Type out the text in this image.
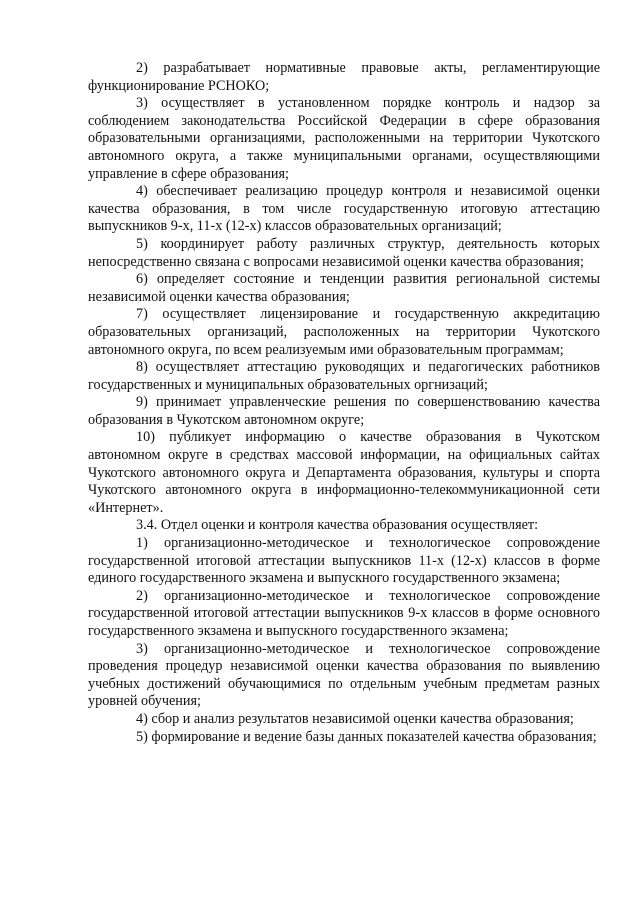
2) разрабатывает нормативные правовые акты, регламентирующие функционирование РСНОКО;

3) осуществляет в установленном порядке контроль и надзор за соблюдением законодательства Российской Федерации в сфере образования образовательными организациями, расположенными на территории Чукотского автономного округа, а также муниципальными органами, осуществляющими управление в сфере образования;

4) обеспечивает реализацию процедур контроля и независимой оценки качества образования, в том числе государственную итоговую аттестацию выпускников 9-х, 11-х (12-х) классов образовательных организаций;

5) координирует работу различных структур, деятельность которых непосредственно связана с вопросами независимой оценки качества образования;

6) определяет состояние и тенденции развития региональной системы независимой оценки качества образования;

7) осуществляет лицензирование и государственную аккредитацию образовательных организаций, расположенных на территории Чукотского автономного округа, по всем реализуемым ими образовательным программам;

8) осуществляет аттестацию руководящих и педагогических работников государственных и муниципальных образовательных оргнизаций;

9) принимает управленческие решения по совершенствованию качества образования в Чукотском автономном округе;

10) публикует информацию о качестве образования в Чукотском автономном округе в средствах массовой информации, на официальных сайтах Чукотского автономного округа и Департамента образования, культуры и спорта Чукотского автономного округа в информационно-телекоммуникационной сети «Интернет».

3.4. Отдел оценки и контроля качества образования осуществляет:

1) организационно-методическое и технологическое сопровождение государственной итоговой аттестации выпускников 11-х (12-х) классов в форме единого государственного экзамена и выпускного государственного экзамена;

2) организационно-методическое и технологическое сопровождение государственной итоговой аттестации выпускников 9-х классов в форме основного государственного экзамена и выпускного государственного экзамена;

3) организационно-методическое и технологическое сопровождение проведения процедур независимой оценки качества образования по выявлению учебных достижений обучающимися по отдельным учебным предметам разных уровней обучения;

4) сбор и анализ результатов независимой оценки качества образования;

5) формирование и ведение базы данных показателей качества образования;
